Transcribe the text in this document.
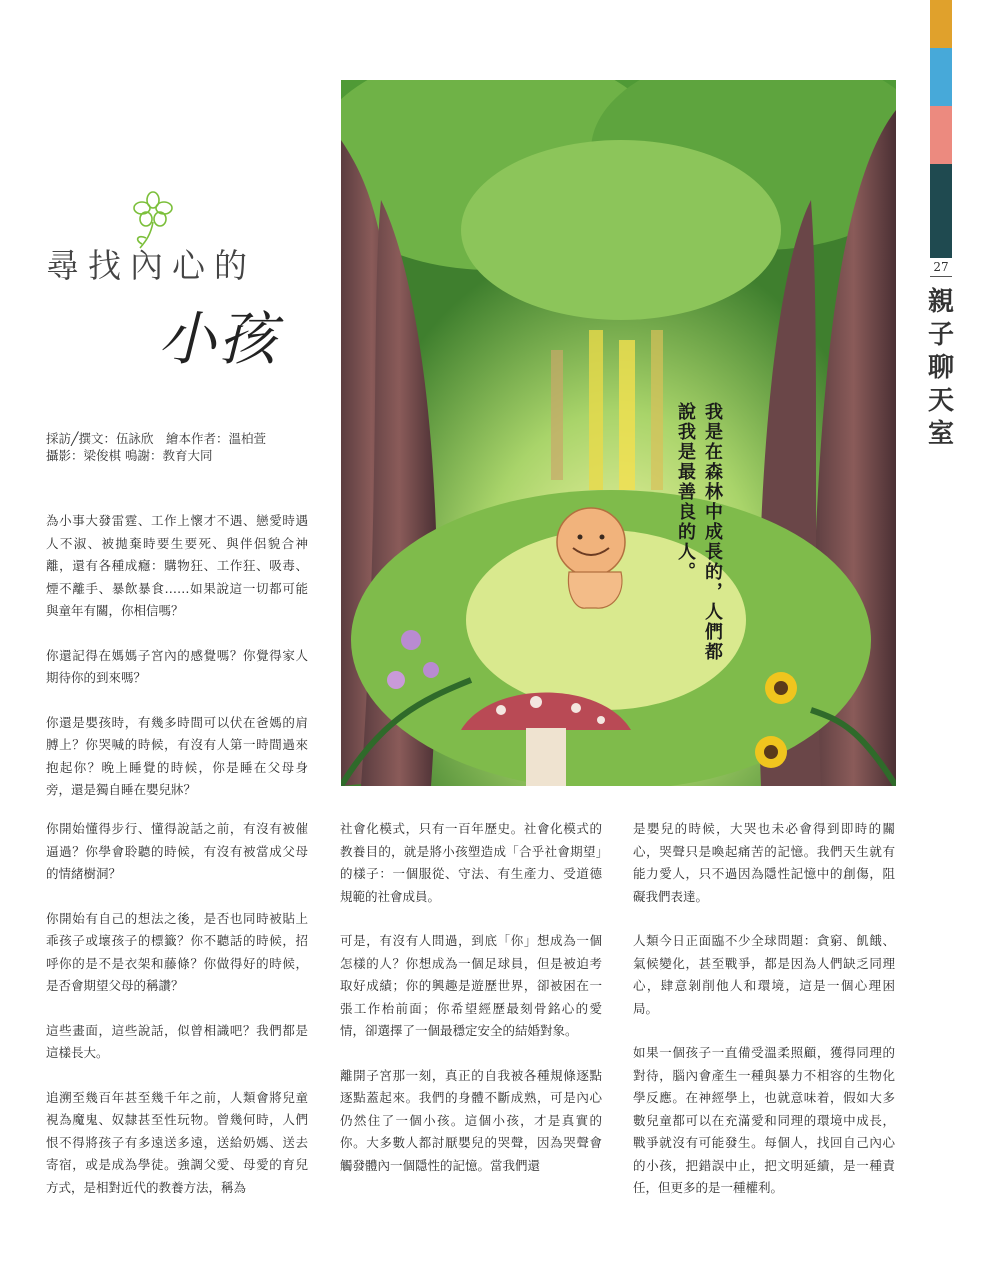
27
親
子
聊
天
室
尋找內心的
小孩
採訪╱撰文：伍詠欣　繪本作者：溫柏萱
攝影：梁俊棋 鳴謝：教育大同	我是在森林中成長的，人們都
說我是最善良的人。

為小事大發雷霆、工作上懷才不遇、戀愛時遇人不淑、被拋棄時要生要死、與伴侶貌合神離，還有各種成癮：購物狂、工作狂、吸毒、煙不離手、暴飲暴食……如果說這一切都可能與童年有關，你相信嗎？

你還記得在媽媽子宮內的感覺嗎？你覺得家人期待你的到來嗎？

你還是嬰孩時，有幾多時間可以伏在爸媽的肩膊上？你哭喊的時候，有沒有人第一時間過來抱起你？晚上睡覺的時候，你是睡在父母身旁，還是獨自睡在嬰兒牀？

你開始懂得步行、懂得說話之前，有沒有被催逼過？你學會聆聽的時候，有沒有被當成父母的情緒樹洞？

你開始有自己的想法之後，是否也同時被貼上乖孩子或壞孩子的標籤？你不聽話的時候，招呼你的是不是衣架和藤條？你做得好的時候，是否會期望父母的稱讚？

這些畫面，這些說話，似曾相識吧？我們都是這樣長大。

追溯至幾百年甚至幾千年之前，人類會將兒童視為魔鬼、奴隸甚至性玩物。曾幾何時，人們恨不得將孩子有多遠送多遠，送給奶媽、送去寄宿，或是成為學徒。強調父愛、母愛的育兒方式，是相對近代的教養方法，稱為

社會化模式，只有一百年歷史。社會化模式的教養目的，就是將小孩塑造成「合乎社會期望」的樣子：一個服從、守法、有生產力、受道德規範的社會成員。

可是，有沒有人問過，到底「你」想成為一個怎樣的人？你想成為一個足球員，但是被迫考取好成績；你的興趣是遊歷世界，卻被困在一張工作枱前面；你希望經歷最刻骨銘心的愛情，卻選擇了一個最穩定安全的結婚對象。

離開子宮那一刻，真正的自我被各種規條逐點逐點蓋起來。我們的身體不斷成熟，可是內心仍然住了一個小孩。這個小孩，才是真實的你。大多數人都討厭嬰兒的哭聲，因為哭聲會觸發體內一個隱性的記憶。當我們還

是嬰兒的時候，大哭也未必會得到即時的關心，哭聲只是喚起痛苦的記憶。我們天生就有能力愛人，只不過因為隱性記憶中的創傷，阻礙我們表達。

人類今日正面臨不少全球問題：貪窮、飢餓、氣候變化，甚至戰爭，都是因為人們缺乏同理心，肆意剝削他人和環境，這是一個心理困局。

如果一個孩子一直備受溫柔照顧，獲得同理的對待，腦內會產生一種與暴力不相容的生物化學反應。在神經學上，也就意味着，假如大多數兒童都可以在充滿愛和同理的環境中成長，戰爭就沒有可能發生。每個人，找回自己內心的小孩，把錯誤中止，把文明延續，是一種責任，但更多的是一種權利。
